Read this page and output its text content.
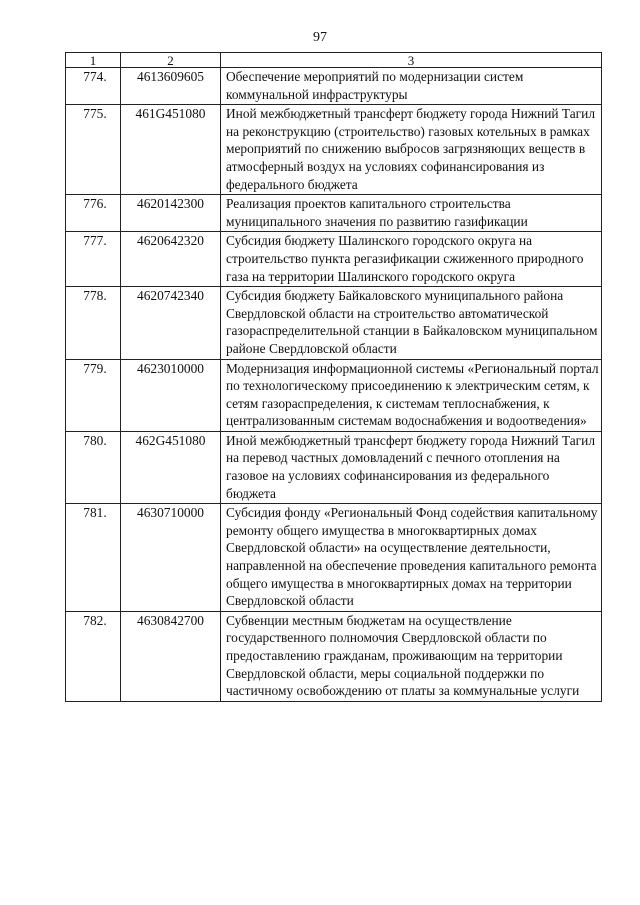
97
1	2	3
774.	4613609605	Обеспечение мероприятий по модернизации систем коммунальной инфраструктуры
775.	461G451080	Иной межбюджетный трансферт бюджету города Нижний Тагил на реконструкцию (строительство) газовых котельных в рамках мероприятий по снижению выбросов загрязняющих веществ в атмосферный воздух на условиях софинансирования из федерального бюджета
776.	4620142300	Реализация проектов капитального строительства муниципального значения по развитию газификации
777.	4620642320	Субсидия бюджету Шалинского городского округа на строительство пункта регазификации сжиженного природного газа на территории Шалинского городского округа
778.	4620742340	Субсидия бюджету Байкаловского муниципального района Свердловской области на строительство автоматической газораспределительной станции в Байкаловском муниципальном районе Свердловской области
779.	4623010000	Модернизация информационной системы «Региональный портал по технологическому присоединению к электрическим сетям, к сетям газораспределения, к системам теплоснабжения, к централизованным системам водоснабжения и водоотведения»
780.	462G451080	Иной межбюджетный трансферт бюджету города Нижний Тагил на перевод частных домовладений с печного отопления на газовое на условиях софинансирования из федерального бюджета
781.	4630710000	Субсидия фонду «Региональный Фонд содействия капитальному ремонту общего имущества в многоквартирных домах Свердловской области» на осуществление деятельности, направленной на обеспечение проведения капитального ремонта общего имущества в многоквартирных домах на территории Свердловской области
782.	4630842700	Субвенции местным бюджетам на осуществление государственного полномочия Свердловской области по предоставлению гражданам, проживающим на территории Свердловской области, меры социальной поддержки по частичному освобождению от платы за коммунальные услуги
